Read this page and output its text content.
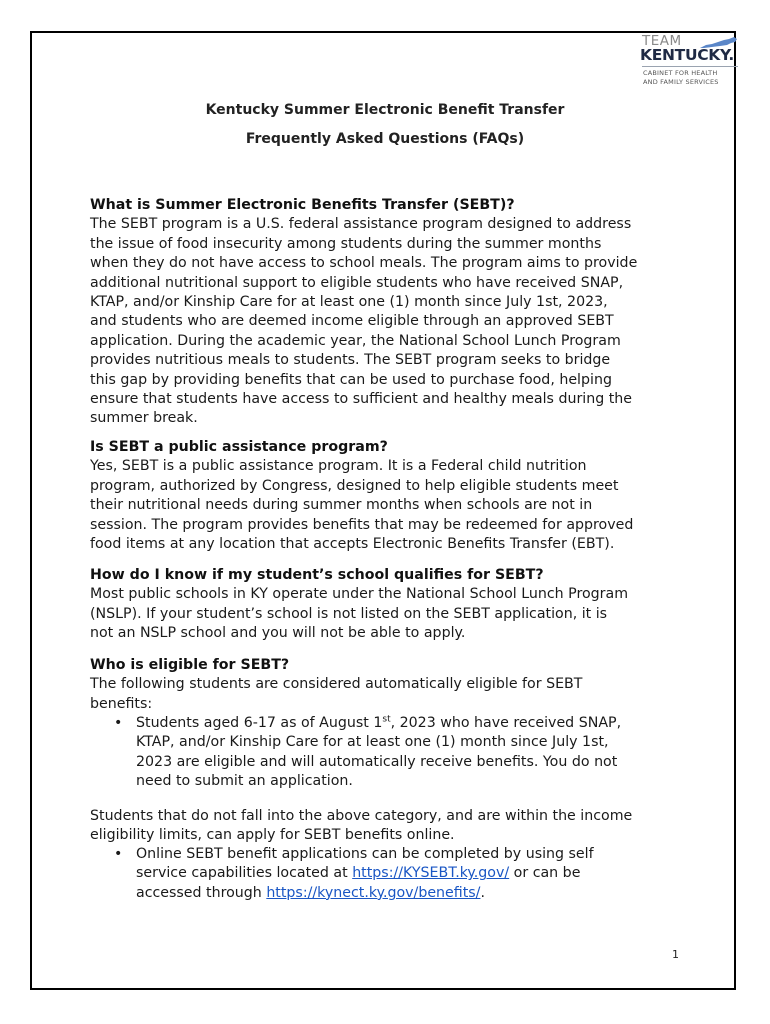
TEAM
KENTUCKY.
CABINET FOR HEALTH
AND FAMILY SERVICES
Kentucky Summer Electronic Benefit Transfer
Frequently Asked Questions (FAQs)
What is Summer Electronic Benefits Transfer (SEBT)?
The SEBT program is a U.S. federal assistance program designed to address
the issue of food insecurity among students during the summer months
when they do not have access to school meals. The program aims to provide
additional nutritional support to eligible students who have received SNAP,
KTAP, and/or Kinship Care for at least one (1) month since July 1st, 2023,
and students who are deemed income eligible through an approved SEBT
application. During the academic year, the National School Lunch Program
provides nutritious meals to students. The SEBT program seeks to bridge
this gap by providing benefits that can be used to purchase food, helping
ensure that students have access to sufficient and healthy meals during the
summer break.
Is SEBT a public assistance program?
Yes, SEBT is a public assistance program. It is a Federal child nutrition
program, authorized by Congress, designed to help eligible students meet
their nutritional needs during summer months when schools are not in
session. The program provides benefits that may be redeemed for approved
food items at any location that accepts Electronic Benefits Transfer (EBT).
How do I know if my student’s school qualifies for SEBT?
Most public schools in KY operate under the National School Lunch Program
(NSLP). If your student’s school is not listed on the SEBT application, it is
not an NSLP school and you will not be able to apply.
Who is eligible for SEBT?
The following students are considered automatically eligible for SEBT
benefits:
• Students aged 6-17 as of August 1st, 2023 who have received SNAP,
KTAP, and/or Kinship Care for at least one (1) month since July 1st,
2023 are eligible and will automatically receive benefits. You do not
need to submit an application.
Students that do not fall into the above category, and are within the income
eligibility limits, can apply for SEBT benefits online.
• Online SEBT benefit applications can be completed by using self
service capabilities located at https://KYSEBT.ky.gov/ or can be
accessed through https://kynect.ky.gov/benefits/.
1
